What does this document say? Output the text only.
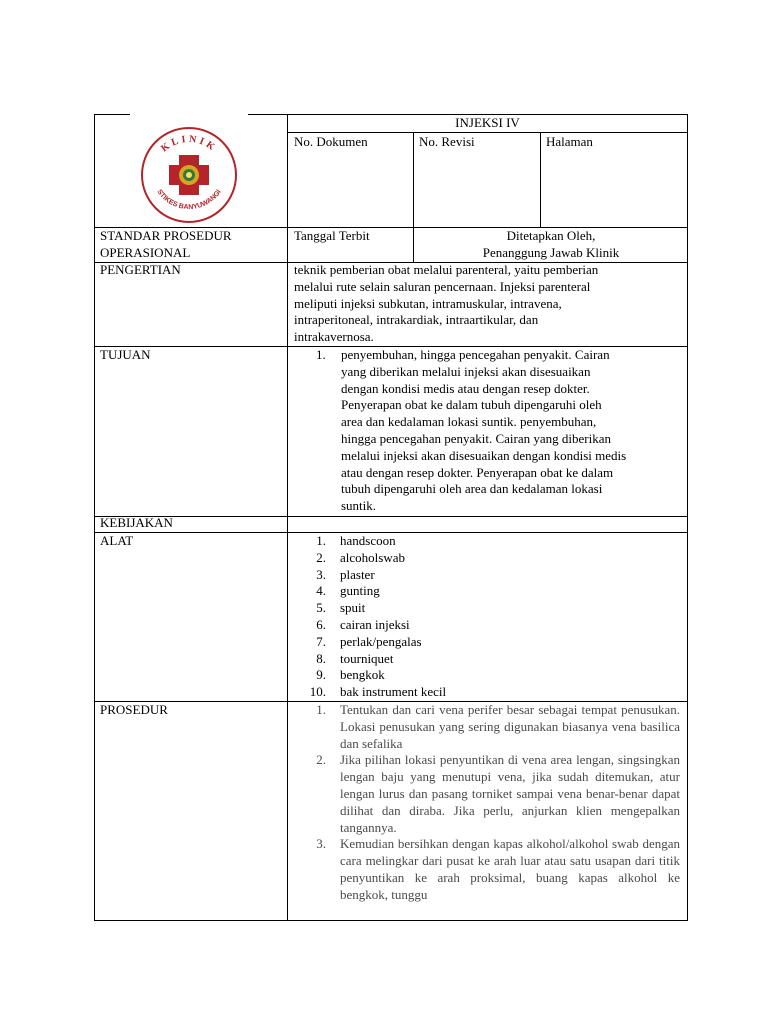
INJEKSI IV
No. Dokumen	No. Revisi	Halaman
KLINIK
STIKES BANYUWANGI
STANDAR PROSEDUR
OPERASIONAL
Tanggal Terbit	Ditetapkan Oleh,
Penanggung Jawab Klinik
PENGERTIAN	teknik pemberian obat melalui parenteral, yaitu pemberian
melalui rute selain saluran pencernaan. Injeksi parenteral
meliputi injeksi subkutan, intramuskular, intravena,
intraperitoneal, intrakardiak, intraartikular, dan
intrakavernosa.
TUJUAN	1. penyembuhan, hingga pencegahan penyakit. Cairan
yang diberikan melalui injeksi akan disesuaikan
dengan kondisi medis atau dengan resep dokter.
Penyerapan obat ke dalam tubuh dipengaruhi oleh
area dan kedalaman lokasi suntik. penyembuhan,
hingga pencegahan penyakit. Cairan yang diberikan
melalui injeksi akan disesuaikan dengan kondisi medis
atau dengan resep dokter. Penyerapan obat ke dalam
tubuh dipengaruhi oleh area dan kedalaman lokasi
suntik.
KEBIJAKAN
ALAT	1. handscoon
2. alcoholswab
3. plaster
4. gunting
5. spuit
6. cairan injeksi
7. perlak/pengalas
8. tourniquet
9. bengkok
10. bak instrument kecil
PROSEDUR	1. Tentukan dan cari vena perifer besar sebagai tempat penusukan. Lokasi penusukan yang sering digunakan biasanya vena basilica dan sefalika
2. Jika pilihan lokasi penyuntikan di vena area lengan, singsingkan lengan baju yang menutupi vena, jika sudah ditemukan, atur lengan lurus dan pasang torniket sampai vena benar-benar dapat dilihat dan diraba. Jika perlu, anjurkan klien mengepalkan tangannya.
3. Kemudian bersihkan dengan kapas alkohol/alkohol swab dengan cara melingkar dari pusat ke arah luar atau satu usapan dari titik penyuntikan ke arah proksimal, buang kapas alkohol ke bengkok, tunggu
